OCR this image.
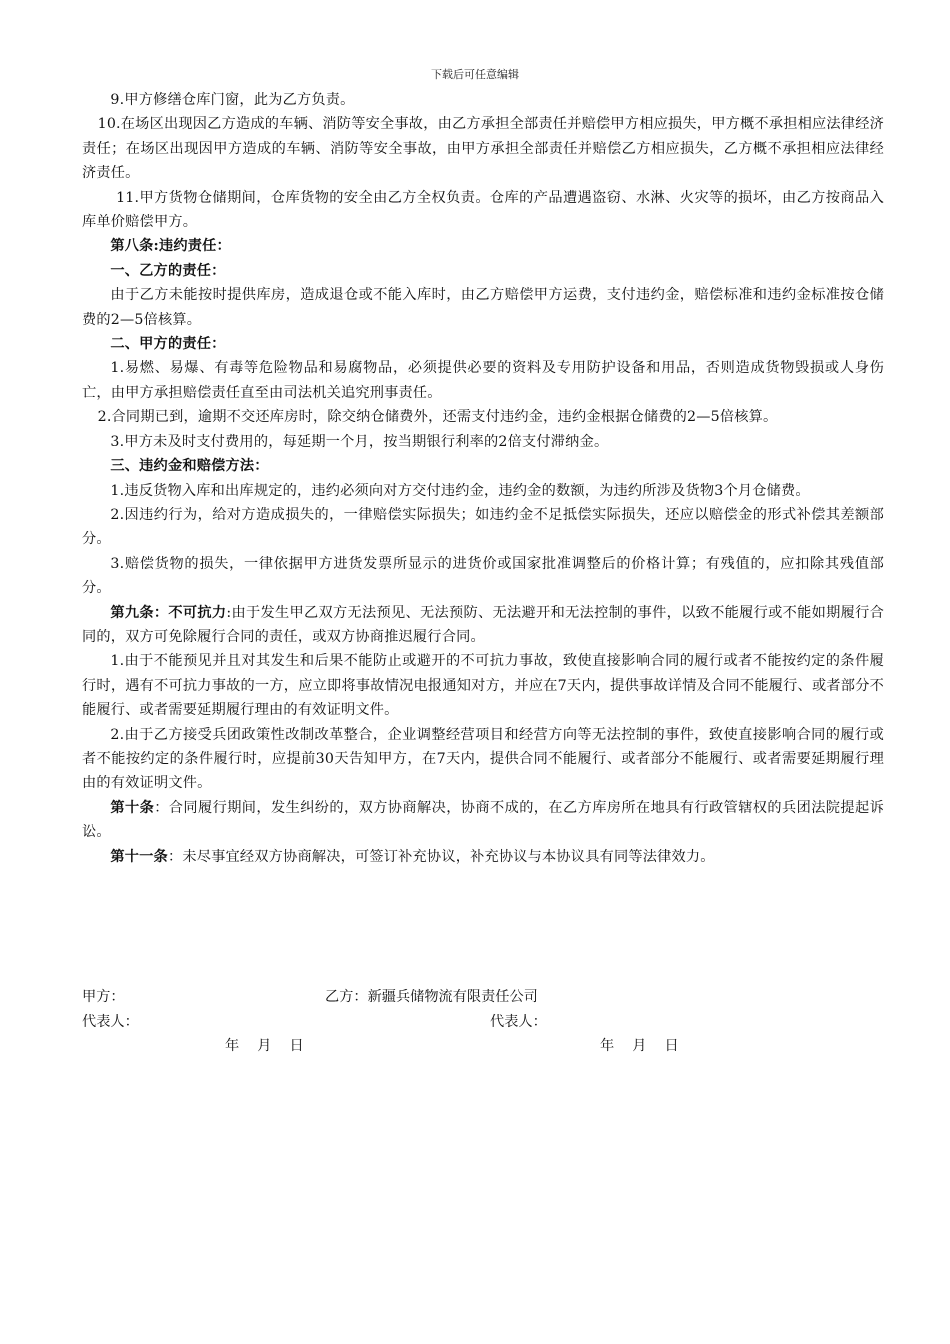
下载后可任意编辑

9.甲方修缮仓库门窗，此为乙方负责。

10.在场区出现因乙方造成的车辆、消防等安全事故，由乙方承担全部责任并赔偿甲方相应损失，甲方概不承担相应法律经济责任；在场区出现因甲方造成的车辆、消防等安全事故，由甲方承担全部责任并赔偿乙方相应损失，乙方概不承担相应法律经济责任。

11.甲方货物仓储期间，仓库货物的安全由乙方全权负责。仓库的产品遭遇盗窃、水淋、火灾等的损坏，由乙方按商品入库单价赔偿甲方。

第八条:违约责任：

一、乙方的责任：

由于乙方未能按时提供库房，造成退仓或不能入库时，由乙方赔偿甲方运费，支付违约金，赔偿标准和违约金标准按仓储费的2—5倍核算。

二、甲方的责任：

1.易燃、易爆、有毒等危险物品和易腐物品，必须提供必要的资料及专用防护设备和用品，否则造成货物毁损或人身伤亡，由甲方承担赔偿责任直至由司法机关追究刑事责任。

2.合同期已到，逾期不交还库房时，除交纳仓储费外，还需支付违约金，违约金根据仓储费的2—5倍核算。

3.甲方未及时支付费用的，每延期一个月，按当期银行利率的2倍支付滞纳金。

三、违约金和赔偿方法：

1.违反货物入库和出库规定的，违约必须向对方交付违约金，违约金的数额，为违约所涉及货物3个月仓储费。

2.因违约行为，给对方造成损失的，一律赔偿实际损失；如违约金不足抵偿实际损失，还应以赔偿金的形式补偿其差额部分。

3.赔偿货物的损失，一律依据甲方进货发票所显示的进货价或国家批准调整后的价格计算；有残值的，应扣除其残值部分。

第九条：不可抗力:由于发生甲乙双方无法预见、无法预防、无法避开和无法控制的事件，以致不能履行或不能如期履行合同的，双方可免除履行合同的责任，或双方协商推迟履行合同。

1.由于不能预见并且对其发生和后果不能防止或避开的不可抗力事故，致使直接影响合同的履行或者不能按约定的条件履行时，遇有不可抗力事故的一方，应立即将事故情况电报通知对方，并应在7天内，提供事故详情及合同不能履行、或者部分不能履行、或者需要延期履行理由的有效证明文件。

2.由于乙方接受兵团政策性改制改革整合，企业调整经营项目和经营方向等无法控制的事件，致使直接影响合同的履行或者不能按约定的条件履行时，应提前30天告知甲方，在7天内，提供合同不能履行、或者部分不能履行、或者需要延期履行理由的有效证明文件。

第十条：合同履行期间，发生纠纷的，双方协商解决，协商不成的，在乙方库房所在地具有行政管辖权的兵团法院提起诉讼。

第十一条：未尽事宜经双方协商解决，可签订补充协议，补充协议与本协议具有同等法律效力。

甲方：	乙方：新疆兵储物流有限责任公司
代表人：	代表人：
年    月    日	年    月    日
